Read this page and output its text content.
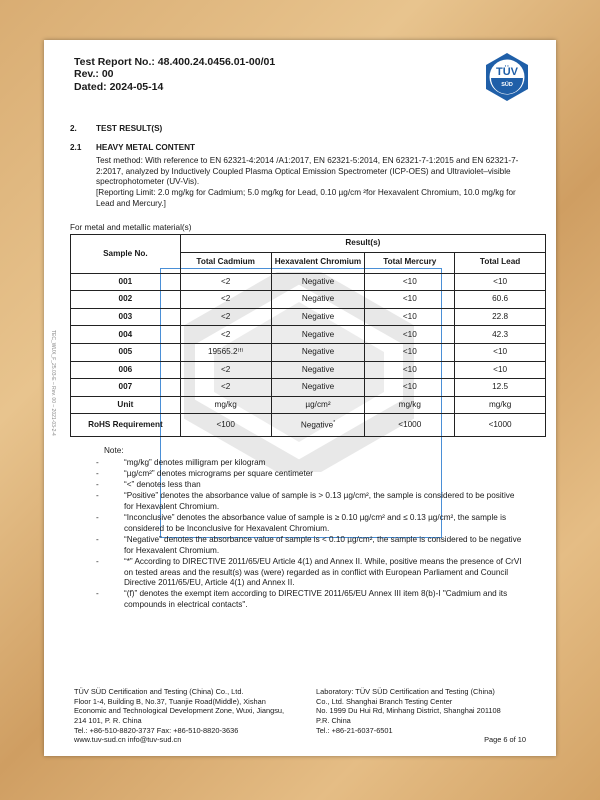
Test Report No.: 48.400.24.0456.01-00/01
Rev.: 00
Dated: 2024-05-14
TÜV
SÜD
2. TEST RESULT(S)
2.1 HEAVY METAL CONTENT
Test method: With reference to EN 62321-4:2014 /A1:2017, EN 62321-5:2014, EN 62321-7-1:2015 and EN 62321-7-2:2017, analyzed by Inductively Coupled Plasma Optical Emission Spectrometer (ICP-OES) and Ultraviolet–visible spectrophotometer (UV-Vis).
[Reporting Limit: 2.0 mg/kg for Cadmium; 5.0 mg/kg for Lead, 0.10 µg/cm ²for Hexavalent Chromium, 10.0 mg/kg for Lead and Mercury.]
For metal and metallic material(s)
Sample No.	Result(s)			
	Total Cadmium	Hexavalent Chromium	Total Mercury	Total Lead
001	<2	Negative	<10	<10
002	<2	Negative	<10	60.6
003	<2	Negative	<10	22.8
004	<2	Negative	<10	42.3
005	19565.2⁽ᶠ⁾	Negative	<10	<10
006	<2	Negative	<10	<10
007	<2	Negative	<10	12.5
Unit	mg/kg	µg/cm²	mg/kg	mg/kg
RoHS Requirement	<100	Negative*	<1000	<1000
Note:
- “mg/kg” denotes milligram per kilogram
- “µg/cm²” denotes micrograms per square centimeter
- “<” denotes less than
- “Positive” denotes the absorbance value of sample is > 0.13 µg/cm², the sample is considered to be positive for Hexavalent Chromium.
- “Inconclusive” denotes the absorbance value of sample is ≥ 0.10 µg/cm² and ≤ 0.13 µg/cm², the sample is considered to be Inconclusive for Hexavalent Chromium.
- “Negative” denotes the absorbance value of sample is < 0.10 µg/cm², the sample is considered to be negative for Hexavalent Chromium.
- “*” According to DIRECTIVE 2011/65/EU Article 4(1) and Annex II. While, positive means the presence of CrVI on tested areas and the result(s) was (were) regarded as in conflict with European Parliament and Council Directive 2011/65/EU, Article 4(1) and Annex II.
- “(f)” denotes the exempt item according to DIRECTIVE 2011/65/EU Annex III item 8(b)-I "Cadmium and its compounds in electrical contacts".
TEC_WUX_F_25.03-E – Rev. 00 – 2021-03-2-4
TÜV SÜD Certification and Testing (China) Co., Ltd.
Floor 1-4, Building B, No.37, Tuanjie Road(Middle), Xishan
Economic and Technological Development Zone, Wuxi, Jiangsu,
214 101, P. R. China
Tel.: +86-510-8820-3737 Fax: +86-510-8820-3636
www.tuv-sud.cn info@tuv-sud.cn
Laboratory: TÜV SÜD Certification and Testing (China)
Co., Ltd. Shanghai Branch Testing Center
No. 1999 Du Hui Rd, Minhang District, Shanghai 201108
P.R. China
Tel.: +86-21-6037-6501
Page 6 of 10
